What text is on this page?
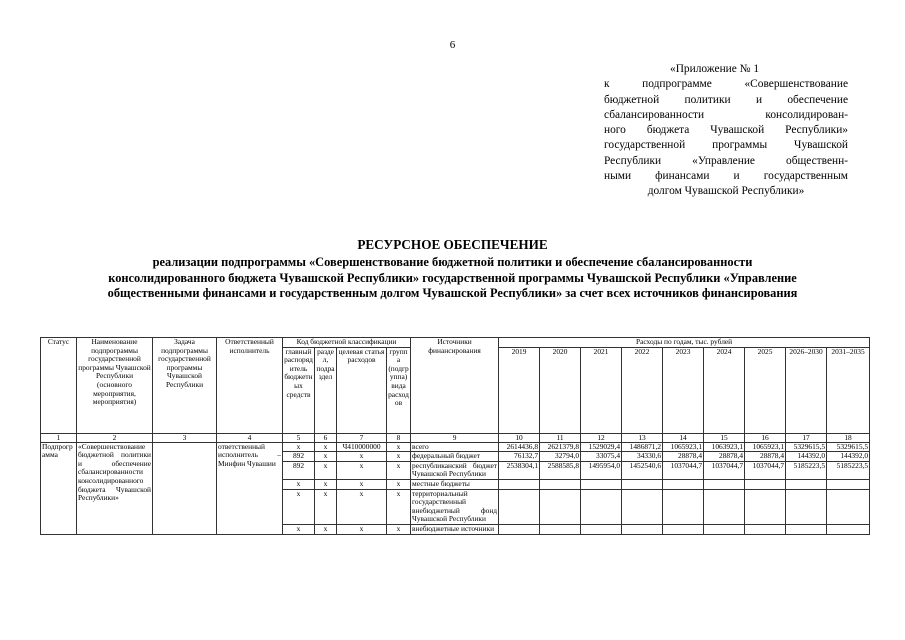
6
«Приложение № 1
к подпрограмме «Совершенствование
бюджетной политики и обеспечение
сбалансированности консолидирован-
ного бюджета Чувашской Республики»
государственной программы Чувашской
Республики «Управление общественн-
ными финансами и государственным
долгом Чувашской Республики»
РЕСУРСНОЕ ОБЕСПЕЧЕНИЕ
реализации подпрограммы «Совершенствование бюджетной политики и обеспечение сбалансированности
консолидированного бюджета Чувашской Республики» государственной программы Чувашской Республики «Управление
общественными финансами и государственным долгом Чувашской Республики» за счет всех источников финансирования
Статус	Наименование подпрограммы государственной программы Чувашской Республики (основного мероприятия, мероприятия)	Задача подпрограммы государственной программы Чувашской Республики	Ответственный исполнитель	Код бюджетной классификации				Источники финансирования	Расходы по годам, тыс. рублей								
				главный распорядитель бюджетных средств	раздел, подраздел	целевая статья расходов	группа (подгруппа) вида расходов		2019	2020	2021	2022	2023	2024	2025	2026–2030	2031–2035
1	2	3	4	5	6	7	8	9	10	11	12	13	14	15	16	17	18
Подпрограмма	«Совершенствование бюджетной политики и обеспечение сбалансированности консолидированного бюджета Чувашской Республики»		ответственный исполнитель – Минфин Чувашии	x	x	Ч410000000	x	всего	2614436,8	2621379,8	1529029,4	1486871,2	1065923,1	1063923,1	1065923,1	5329615,5	5329615,5
				892	x	x	x	федеральный бюджет	76132,7	32794,0	33075,4	34330,6	28878,4	28878,4	28878,4	144392,0	144392,0
				892	x	x	x	республиканский бюджет Чувашской Республики	2538304,1	2588585,8	1495954,0	1452540,6	1037044,7	1037044,7	1037044,7	5185223,5	5185223,5
				x	x	x	x	местные бюджеты									
				x	x	x	x	территориальный государственный внебюджетный фонд Чувашской Республики									
				x	x	x	x	внебюджетные источники									
